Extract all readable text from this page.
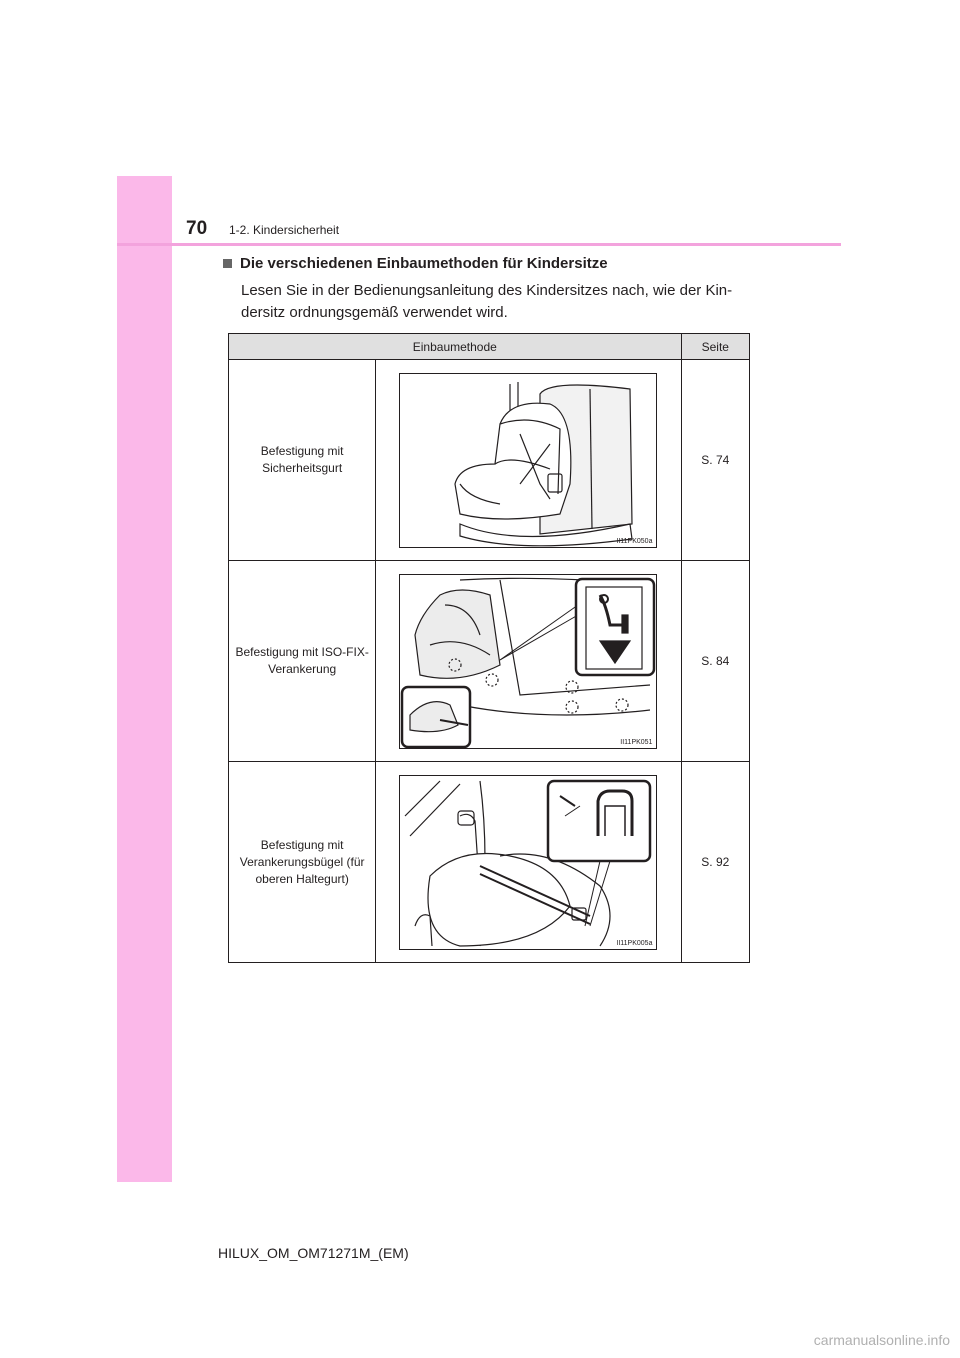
70 1-2. Kindersicherheit
Die verschiedenen Einbaumethoden für Kindersitze
Lesen Sie in der Bedienungsanleitung des Kindersitzes nach, wie der Kin-dersitz ordnungsgemäß verwendet wird.
Einbaumethode		Seite
Befestigung mit Sicherheitsgurt	II11PK050a	S. 74
Befestigung mit ISO-FIX-Verankerung	II11PK051	S. 84
Befestigung mit Verankerungsbügel (für oberen Haltegurt)	II11PK005a	S. 92
HILUX_OM_OM71271M_(EM)
carmanualsonline.info
